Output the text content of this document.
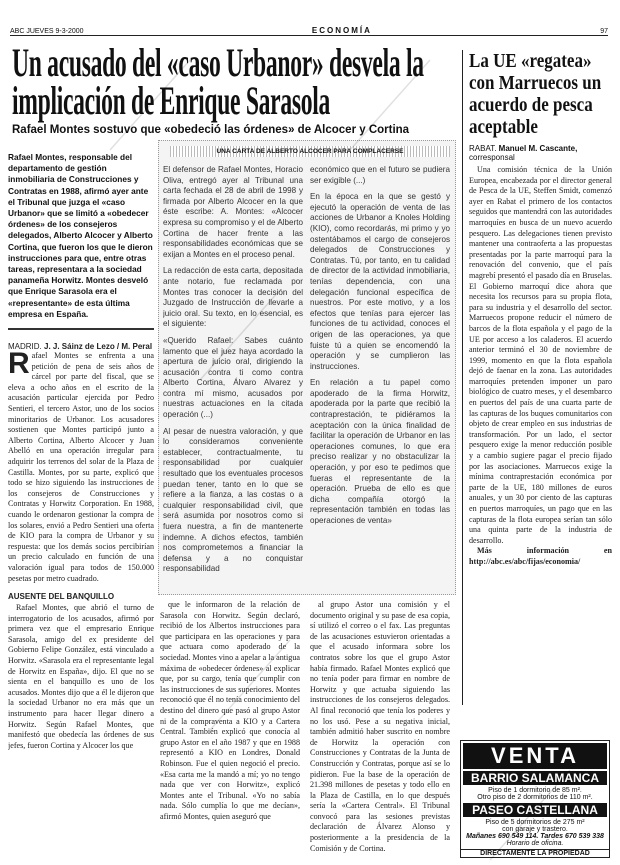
ABC JUEVES 9-3-2000	ECONOMÍA	97
Un acusado del «caso Urbanor» desvela la implicación de Enrique Sarasola
Rafael Montes sostuvo que «obedeció las órdenes» de Alcocer y Cortina
Rafael Montes, responsable del departamento de gestión inmobiliaria de Construcciones y Contratas en 1988, afirmó ayer ante el Tribunal que juzga el «caso Urbanor» que se limitó a «obedecer órdenes» de los consejeros delegados, Alberto Alcocer y Alberto Cortina, que fueron los que le dieron instrucciones para que, entre otras tareas, representara a la sociedad panameña Horwitz. Montes desveló que Enrique Sarasola era el «representante» de esta última empresa en España.
MADRID. J. J. Sáinz de Lezo / M. Peral
R afael Montes se enfrenta a una petición de pena de seis años de cárcel por parte del fiscal, que se eleva a ocho años en el escrito de la acusación particular ejercida por Pedro Sentieri, el tercero Astor, uno de los socios minoritarios de Urbanor. Los acusadores sostienen que Montes participó junto a Alberto Cortina, Alberto Alcocer y Juan Abelló en una operación irregular para adquirir los terrenos del solar de la Plaza de Castilla. Montes, por su parte, explicó que todo se hizo siguiendo las instrucciones de los consejeros de Construcciones y Contratas y Horwitz Corporation. En 1988, cuando le ordenaron gestionar la compra de los solares, envió a Pedro Sentieri una oferta de KIO para la compra de Urbanor y su respuesta: que los demás socios percibirían un precio calculado en función de una valoración igual para todos de 150.000 pesetas por metro cuadrado.
AUSENTE DEL BANQUILLO

Rafael Montes, que abrió el turno de interrogatorio de los acusados, afirmó por primera vez que el empresario Enrique Sarasola, amigo del ex presidente del Gobierno Felipe González, está vinculado a Horwitz. «Sarasola era el representante legal de Horwitz en España», dijo. El que no se sienta en el banquillo es uno de los acusados. Montes dijo que a él le dijeron que la sociedad Urbanor no era más que un instrumento para hacer llegar dinero a Horwitz. Según Rafael Montes, que manifestó que obedecía las órdenes de sus jefes, fueron Cortina y Alcocer los que

UNA CARTA DE ALBERTO ALCOCER PARA COMPLACERSE

El defensor de Rafael Montes, Horacio Oliva, entregó ayer al Tribunal una carta fechada el 28 de abril de 1998 y firmada por Alberto Alcocer en la que éste escribe: A. Montes: «Alcocer expresa su compromiso y el de Alberto Cortina de hacer frente a las responsabilidades económicas que se exijan a Montes en el proceso penal.

La redacción de esta carta, depositada ante notario, fue reclamada por Montes tras conocer la decisión del Juzgado de Instrucción de llevarle a juicio oral. Su texto, en lo esencial, es el siguiente:

«Querido Rafael: Sabes cuánto lamento que el juez haya acordado la apertura de juicio oral, dirigiendo la acusación contra ti como contra Alberto Cortina, Álvaro Alvarez y contra mí mismo, acusados por nuestras actuaciones en la citada operación (...)

Al pesar de nuestra valoración, y que lo consideramos conveniente establecer, contractualmente, tu responsabilidad por cualquier resultado que los eventuales procesos puedan tener, tanto en lo que se refiere a la fianza, a las costas o a cualquier responsabilidad civil, que será asumida por nosotros como si fuera nuestra, a fin de mantenerte indemne. A dichos efectos, también nos comprometemos a financiar la defensa y a no conquistar responsabilidad

económico que en el futuro se pudiera ser exigible (...)

En la época en la que se gestó y ejecutó la operación de venta de las acciones de Urbanor a Knoles Holding (KIO), como recordarás, mi primo y yo ostentábamos el cargo de consejeros delegados de Construcciones y Contratas. Tú, por tanto, en tu calidad de director de la actividad inmobiliaria, tenías dependencia, con una delegación funcional específica de nuestros. Por este motivo, y a los efectos que tenías para ejercer las funciones de tu actividad, conoces el origen de las operaciones, ya que fuiste tú a quien se encomendó la operación y se cumplieron las instrucciones.

En relación a tu papel como apoderado de la firma Horwitz, apoderada por la parte que recibió la contraprestación, te pidiéramos la aceptación con la única finalidad de facilitar la operación de Urbanor en las operaciones comunes, lo que era preciso realizar y no obstaculizar la operación, y por eso te pedimos que fueras el representante de la operación. Prueba de ello es que dicha compañía otorgó la representación también en todas las operaciones de venta»

que le informaron de la relación de Sarasola con Horwitz. Según declaró, recibió de los Albertos instrucciones para que participara en las operaciones y para que actuara como apoderado de la sociedad. Montes vino a apelar a la antigua máxima de «obedecer órdenes» al explicar que, por su cargo, tenía que cumplir con las instrucciones de sus superiores. Montes reconoció que él no tenía conocimiento del destino del dinero que pasó al grupo Astor ni de la compraventa a KIO y a Cartera Central. También explicó que conocía al grupo Astor en el año 1987 y que en 1988 representó a KIO en Londres, Donald Robinson. Fue el quien negoció el precio. «Esa carta me la mandó a mí; yo no tengo nada que ver con Horwitz», explicó Montes ante el Tribunal. «Yo no sabía nada. Sólo cumplía lo que me decían», afirmó Montes, quien aseguró que

al grupo Astor una comisión y el documento original y su pase de esa copia, sí utilizó el correo o el fax. Las preguntas de las acusaciones estuvieron orientadas a que el acusado informara sobre los contratos sobre los que el grupo Astor había firmado. Rafael Montes explicó que no tenía poder para firmar en nombre de Horwitz y que actuaba siguiendo las instrucciones de los consejeros delegados. Al final reconoció que tenía los poderes y no los usó. Pese a su negativa inicial, también admitió haber suscrito en nombre de Horwitz la operación con Construcciones y Contratas de la Junta de Construcción y Contratas, porque así se lo pidieron. Fue la base de la operación de 21.398 millones de pesetas y todo ello en la Plaza de Castilla, en lo que después sería la «Cartera Central». El Tribunal convocó para las sesiones previstas declaración de Álvarez Alonso y posteriormente a la presidencia de la Comisión y de Cortina.

La UE «regatea» con Marruecos un acuerdo de pesca aceptable
RABAT. Manuel M. Cascante,
corresponsal

Una comisión técnica de la Unión Europea, encabezada por el director general de Pesca de la UE, Steffen Smidt, comenzó ayer en Rabat el primero de los contactos seguidos que mantendrá con las autoridades marroquíes en busca de un nuevo acuerdo pesquero. Las delegaciones tienen previsto mantener una contraoferta a las propuestas presentadas por la parte marroquí para la renovación del convenio, que el país magrebí presentó el pasado día en Bruselas. El Gobierno marroquí dice ahora que necesita los recursos para su propia flota, para su industria y el desarrollo del sector. Marruecos propone reducir el número de barcos de la flota española y el pago de la UE por acceso a los caladeros. El acuerdo anterior terminó el 30 de noviembre de 1999, momento en que la flota española dejó de faenar en la zona. Las autoridades marroquíes pretenden imponer un paro biológico de cuatro meses, y el desembarco en puertos del país de una cuarta parte de las capturas de los buques comunitarios con objeto de crear empleo en sus industrias de transformación. Por un lado, el sector pesquero exige la menor reducción posible y a cambio sugiere pagar el precio fijado por las asociaciones. Marruecos exige la mínima contraprestación económica por parte de la UE, 180 millones de euros anuales, y un 30 por ciento de las capturas en puertos marroquíes, un pago que en las capturas de la flota europea serían tan sólo una quinta parte de la industria de desarrollo.

Más información en http://abc.es/abc/fijas/economia/

VENTA
BARRIO SALAMANCA
Piso de 1 dormitorio de 85 m².
Otro piso de 2 dormitorios de 110 m².
PASEO CASTELLANA
Piso de 5 dormitorios de 275 m²
con garaje y trastero.
Mañanes 690 549 114. Tardes 670 539 338
Horario de oficina.
DIRECTAMENTE LA PROPIEDAD
